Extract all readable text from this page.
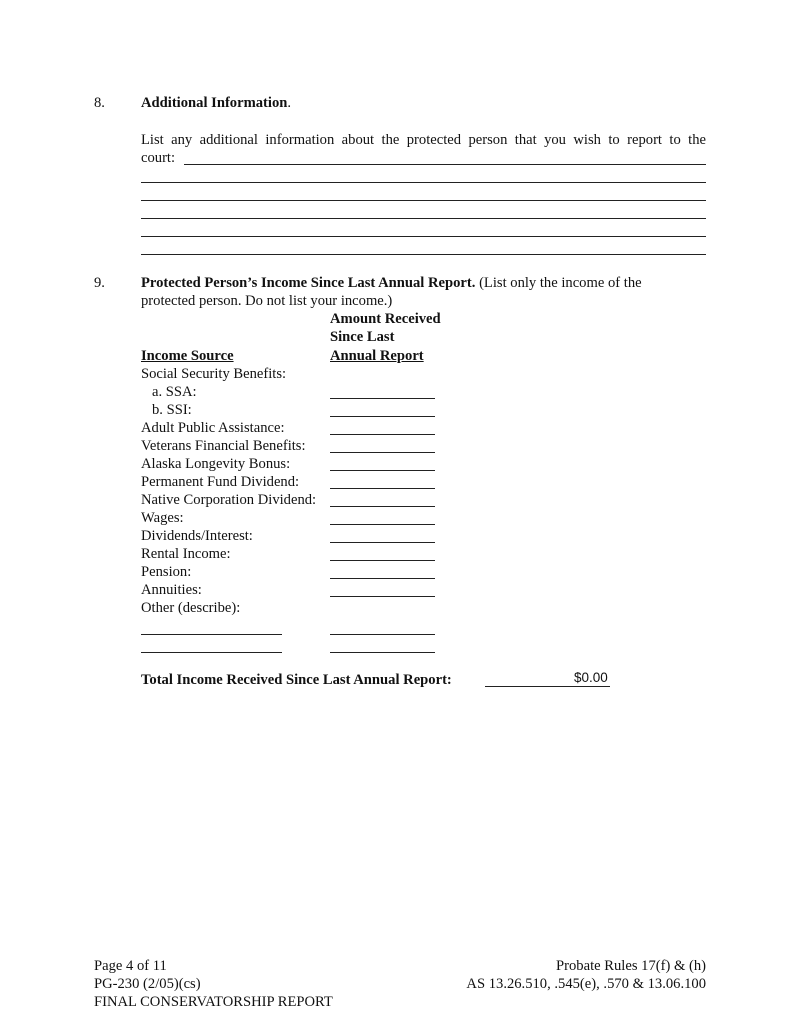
8. Additional Information.
List any additional information about the protected person that you wish to report to the
court:
9. Protected Person’s Income Since Last Annual Report. (List only the income of the
protected person. Do not list your income.)
Amount Received
Since Last
Annual Report
Income Source
Social Security Benefits:
a. SSA:
b. SSI:
Adult Public Assistance:
Veterans Financial Benefits:
Alaska Longevity Bonus:
Permanent Fund Dividend:
Native Corporation Dividend:
Wages:
Dividends/Interest:
Rental Income:
Pension:
Annuities:
Other (describe):
Total Income Received Since Last Annual Report:	$0.00
Page 4 of 11
PG-230 (2/05)(cs)
FINAL CONSERVATORSHIP REPORT
Probate Rules 17(f) & (h)
AS 13.26.510, .545(e), .570 & 13.06.100
